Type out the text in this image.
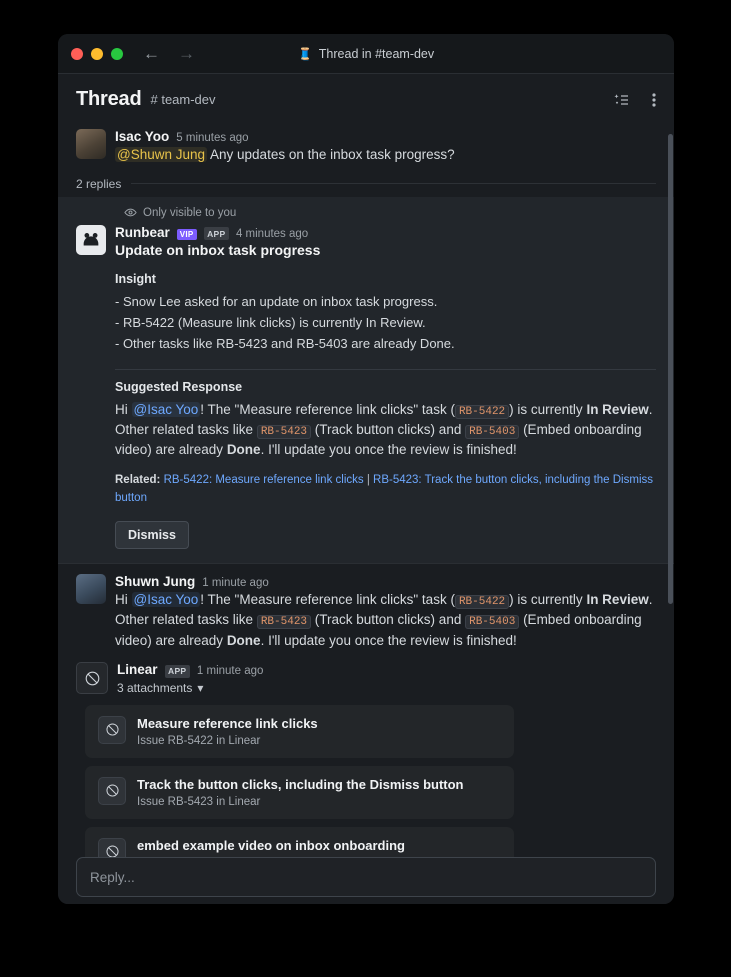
← →	🧵 Thread in #team-dev
Thread # team-dev
Isac Yoo 5 minutes ago
@Shuwn Jung Any updates on the inbox task progress?
2 replies
Only visible to you
Runbear	VIP	APP 4 minutes ago
Update on inbox task progress
Insight
- Snow Lee asked for an update on inbox task progress.
- RB-5422 (Measure link clicks) is currently In Review.
- Other tasks like RB-5423 and RB-5403 are already Done.
Suggested Response
Hi @Isac Yoo ! The "Measure reference link clicks" task ( RB-5422 ) is currently In Review. Other related tasks like RB-5423 (Track button clicks) and RB-5403 (Embed onboarding video) are already Done. I'll update you once the review is finished!
Related: RB-5422: Measure reference link clicks | RB-5423: Track the button clicks, including the Dismiss button
Dismiss
Shuwn Jung 1 minute ago
Hi @Isac Yoo ! The "Measure reference link clicks" task ( RB-5422 ) is currently In Review. Other related tasks like RB-5423 (Track button clicks) and RB-5403 (Embed onboarding video) are already Done. I'll update you once the review is finished!
Linear	APP 1 minute ago
3 attachments ▾
Measure reference link clicks
Issue RB-5422 in Linear
Track the button clicks, including the Dismiss button
Issue RB-5423 in Linear
embed example video on inbox onboarding
Reply...
